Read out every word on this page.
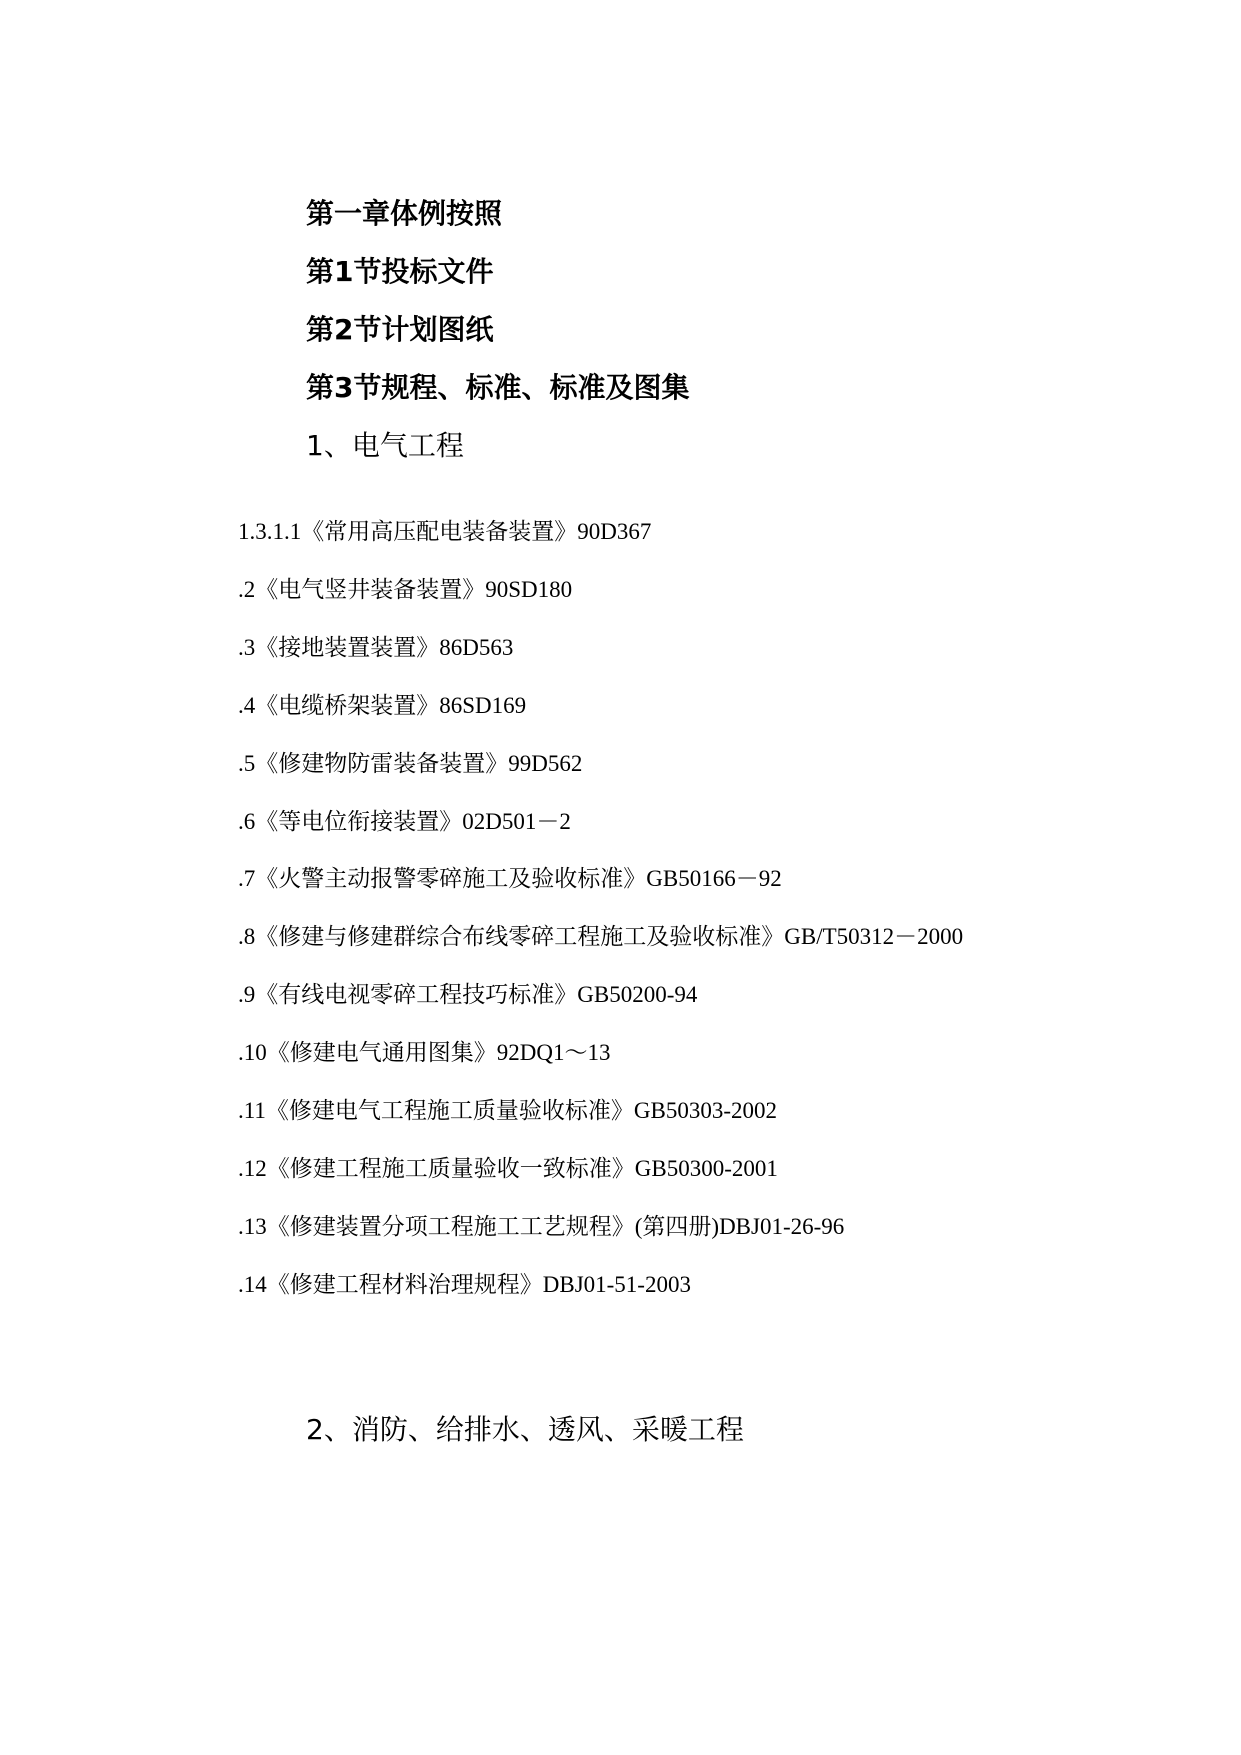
第一章体例按照
第1节投标文件
第2节计划图纸
第3节规程、标准、标准及图集
1、电气工程
1.3.1.1《常用高压配电装备装置》90D367
.2《电气竖井装备装置》90SD180
.3《接地装置装置》86D563
.4《电缆桥架装置》86SD169
.5《修建物防雷装备装置》99D562
.6《等电位衔接装置》02D501－2
.7《火警主动报警零碎施工及验收标准》GB50166－92
.8《修建与修建群综合布线零碎工程施工及验收标准》GB/T50312－2000
.9《有线电视零碎工程技巧标准》GB50200-94
.10《修建电气通用图集》92DQ1～13
.11《修建电气工程施工质量验收标准》GB50303-2002
.12《修建工程施工质量验收一致标准》GB50300-2001
.13《修建装置分项工程施工工艺规程》(第四册)DBJ01-26-96
.14《修建工程材料治理规程》DBJ01-51-2003
2、消防、给排水、透风、采暖工程
